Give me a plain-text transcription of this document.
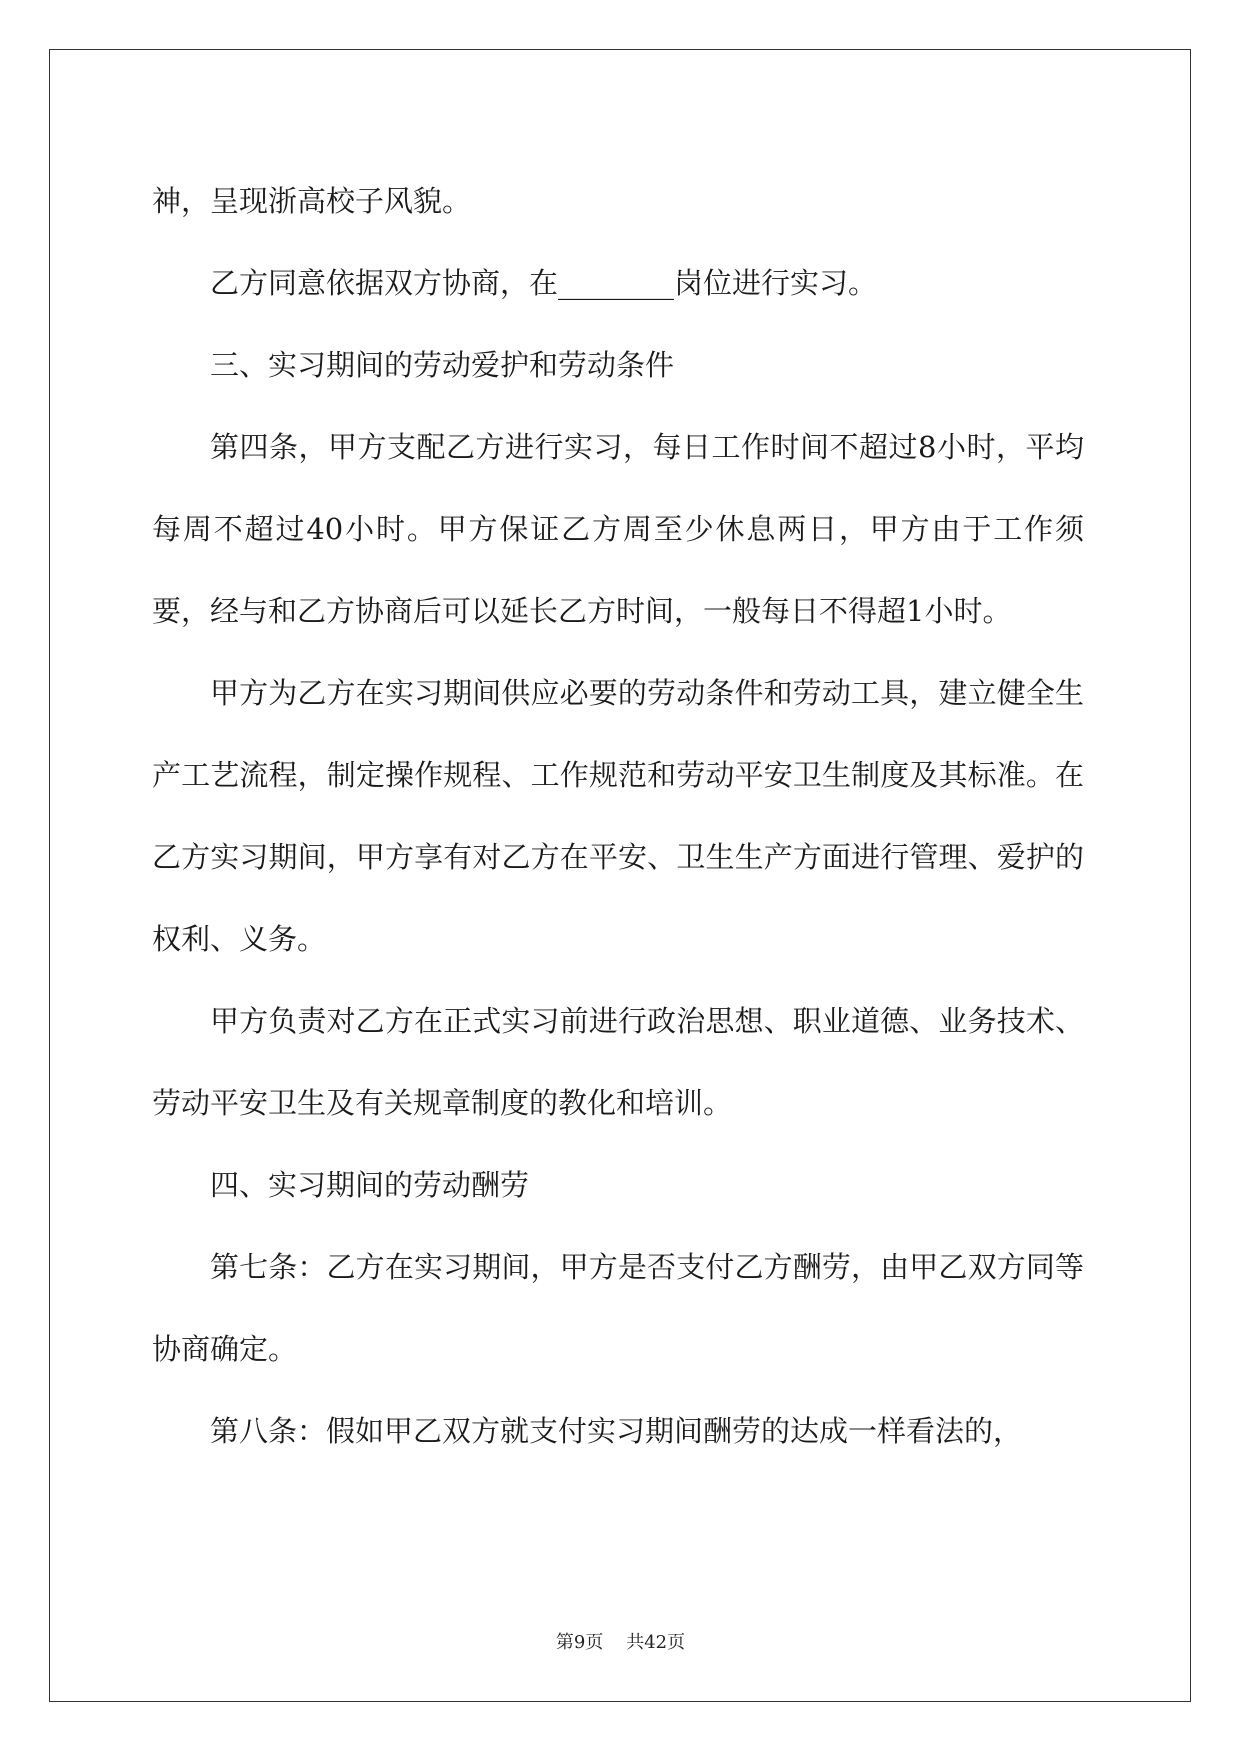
神，呈现浙高校子风貌。

乙方同意依据双方协商，在________岗位进行实习。

三、实习期间的劳动爱护和劳动条件

第四条，甲方支配乙方进行实习，每日工作时间不超过8小时，平均每周不超过40小时。甲方保证乙方周至少休息两日，甲方由于工作须要，经与和乙方协商后可以延长乙方时间，一般每日不得超1小时。

甲方为乙方在实习期间供应必要的劳动条件和劳动工具，建立健全生产工艺流程，制定操作规程、工作规范和劳动平安卫生制度及其标准。在乙方实习期间，甲方享有对乙方在平安、卫生生产方面进行管理、爱护的权利、义务。

甲方负责对乙方在正式实习前进行政治思想、职业道德、业务技术、劳动平安卫生及有关规章制度的教化和培训。

四、实习期间的劳动酬劳

第七条：乙方在实习期间，甲方是否支付乙方酬劳，由甲乙双方同等协商确定。

第八条：假如甲乙双方就支付实习期间酬劳的达成一样看法的，

第9页 共42页
